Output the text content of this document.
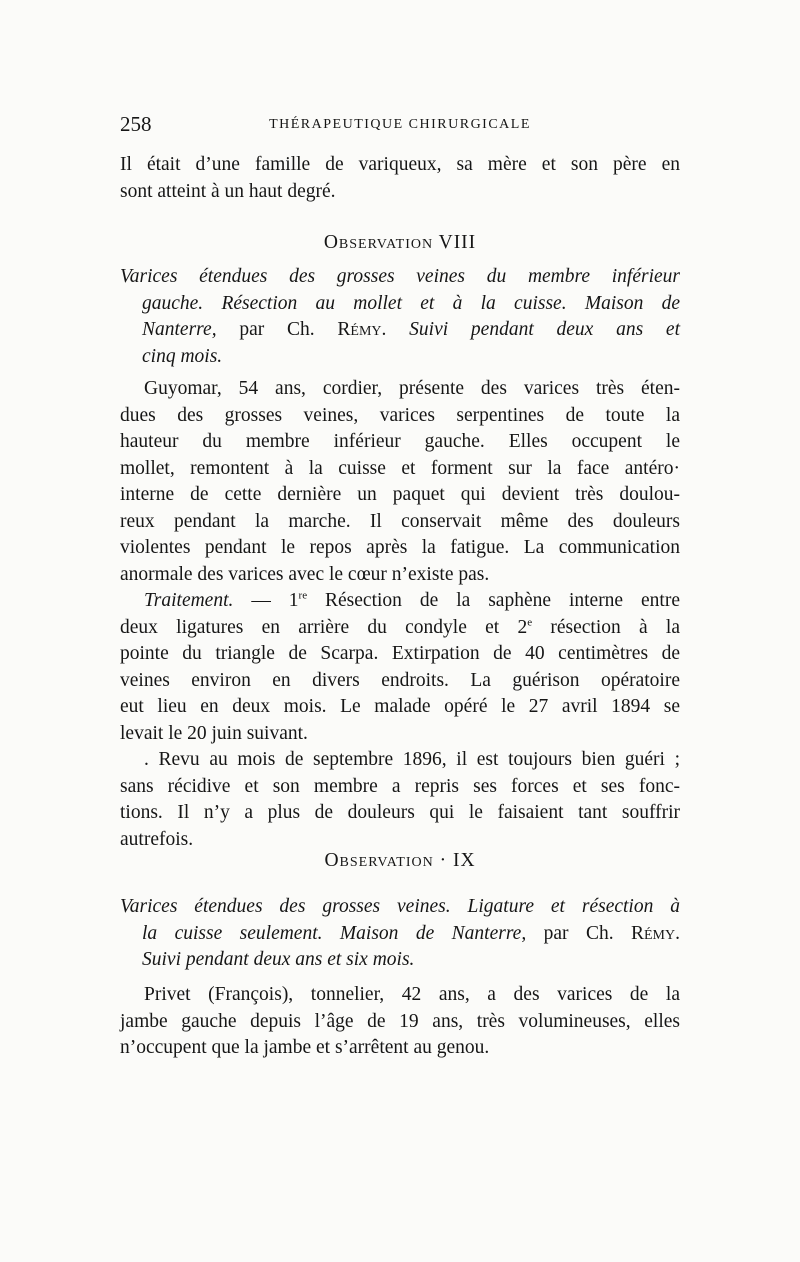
258	THÉRAPEUTIQUE CHIRURGICALE
Il était d’une famille de variqueux, sa mère et son père en
sont atteint à un haut degré.
Observation VIII
Varices étendues des grosses veines du membre inférieur
gauche. Résection au mollet et à la cuisse. Maison de
Nanterre, par Ch. Rémy. Suivi pendant deux ans et
cinq mois.
Guyomar, 54 ans, cordier, présente des varices très éten-
dues des grosses veines, varices serpentines de toute la
hauteur du membre inférieur gauche. Elles occupent le
mollet, remontent à la cuisse et forment sur la face antéro·
interne de cette dernière un paquet qui devient très doulou-
reux pendant la marche. Il conservait même des douleurs
violentes pendant le repos après la fatigue. La communication
anormale des varices avec le cœur n’existe pas.
Traitement. — 1re Résection de la saphène interne entre
deux ligatures en arrière du condyle et 2e résection à la
pointe du triangle de Scarpa. Extirpation de 40 centimètres de
veines environ en divers endroits. La guérison opératoire
eut lieu en deux mois. Le malade opéré le 27 avril 1894 se
levait le 20 juin suivant.
. Revu au mois de septembre 1896, il est toujours bien guéri ;
sans récidive et son membre a repris ses forces et ses fonc-
tions. Il n’y a plus de douleurs qui le faisaient tant souffrir
autrefois.
Observation · IX
Varices étendues des grosses veines. Ligature et résection à
la cuisse seulement. Maison de Nanterre, par Ch. Rémy.
Suivi pendant deux ans et six mois.
Privet (François), tonnelier, 42 ans, a des varices de la
jambe gauche depuis l’âge de 19 ans, très volumineuses, elles
n’occupent que la jambe et s’arrêtent au genou.
